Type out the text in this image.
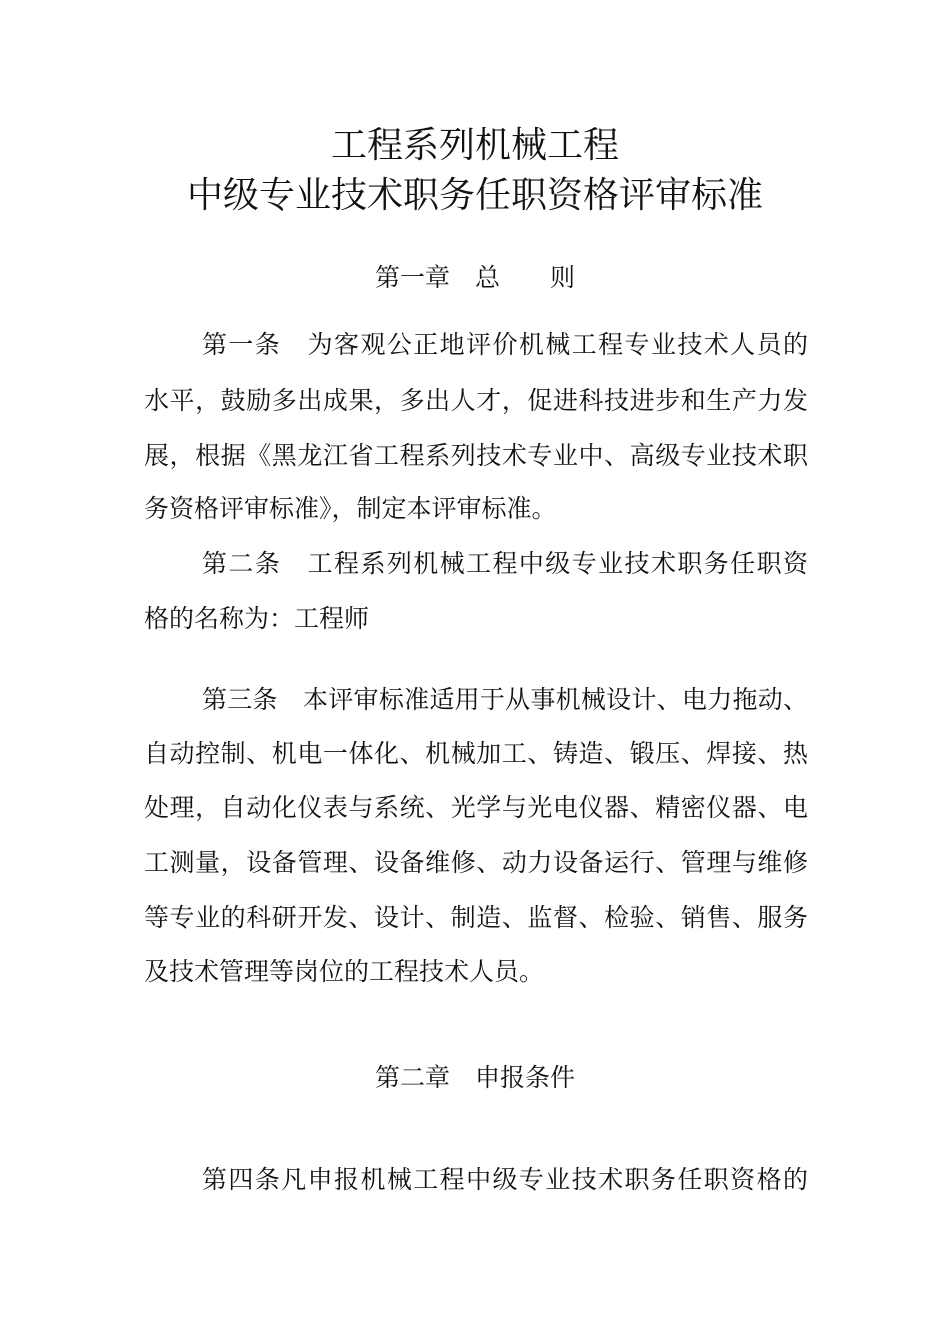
工程系列机械工程
中级专业技术职务任职资格评审标准
第一章　总　　则
第一条　为客观公正地评价机械工程专业技术人员的
水平，鼓励多出成果，多出人才，促进科技进步和生产力发
展，根据《黑龙江省工程系列技术专业中、高级专业技术职
务资格评审标准》，制定本评审标准。
第二条　工程系列机械工程中级专业技术职务任职资
格的名称为：工程师
第三条　本评审标准适用于从事机械设计、电力拖动、
自动控制、机电一体化、机械加工、铸造、锻压、焊接、热
处理，自动化仪表与系统、光学与光电仪器、精密仪器、电
工测量，设备管理、设备维修、动力设备运行、管理与维修
等专业的科研开发、设计、制造、监督、检验、销售、服务
及技术管理等岗位的工程技术人员。
第二章　申报条件
第四条凡申报机械工程中级专业技术职务任职资格的
